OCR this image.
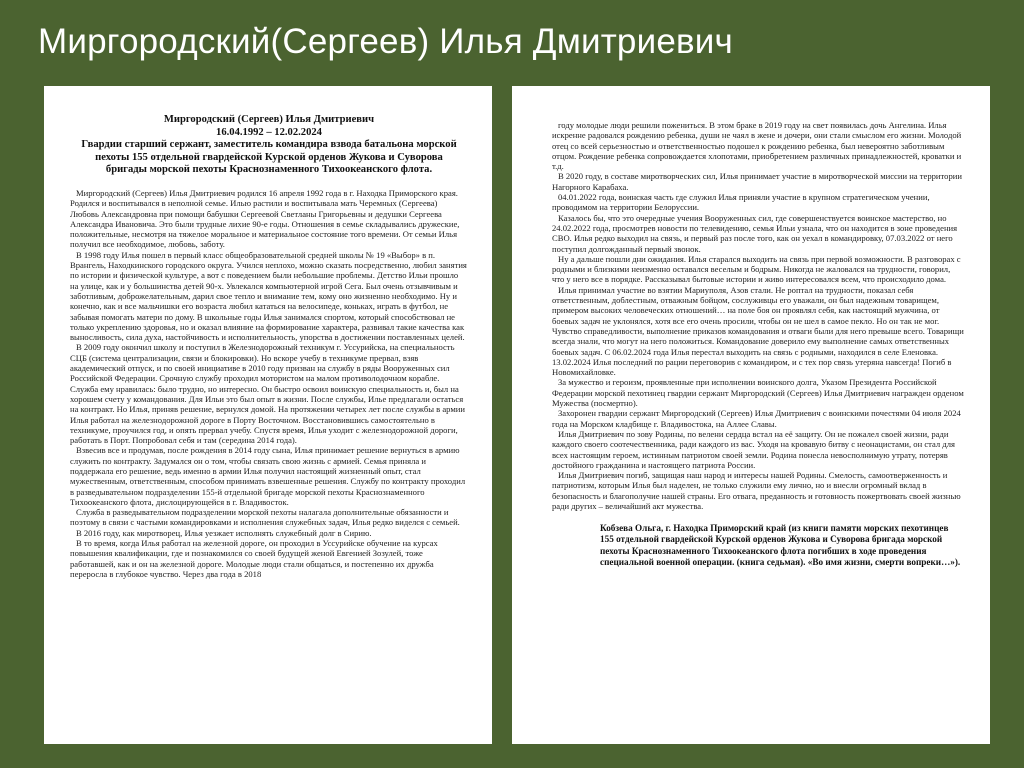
Миргородский(Сергеев) Илья Дмитриевич
Миргородский (Сергеев) Илья Дмитриевич
16.04.1992 – 12.02.2024
Гвардии старший сержант, заместитель командира взвода батальона морской пехоты 155 отдельной гвардейской Курской орденов Жукова и Суворова бригады морской пехоты Краснознаменного Тихоокеанского флота.

Миргородский (Сергеев) Илья Дмитриевич родился 16 апреля 1992 года в г. Находка Приморского края. Родился и воспитывался в неполной семье. Илью растили и воспитывала мать Черемных (Сергеева) Любовь Александровна при помощи бабушки Сергеевой Светланы Григорьевны и дедушки Сергеева Александра Ивановича. Это были трудные лихие 90-е годы. Отношения в семье складывались дружеские, положительные, несмотря на тяжелое моральное и материальное состояние того времени. От семьи Илья получил все необходимое, любовь, заботу.

В 1998 году Илья пошел в первый класс общеобразовательной средней школы № 19 «Выбор» в п. Врангель, Находкинского городского округа. Учился неплохо, можно сказать посредственно, любил занятия по истории и физической культуре, а вот с поведением были небольшие проблемы. Детство Ильи прошло на улице, как и у большинства детей 90-х. Увлекался компьютерной игрой Сега. Был очень отзывчивым и заботливым, доброжелательным, дарил свое тепло и внимание тем, кому оно жизненно необходимо. Ну и конечно, как и все мальчишки его возраста любил кататься на велосипеде, коньках, играть в футбол, не забывая помогать матери по дому. В школьные годы Илья занимался спортом, который способствовал не только укреплению здоровья, но и оказал влияние на формирование характера, развивал такие качества как выносливость, сила духа, настойчивость и исполнительность, упорства в достижении поставленных целей.

В 2009 году окончил школу и поступил в Железнодорожный техникум г. Уссурийска, на специальность СЦБ (система централизации, связи и блокировки). Но вскоре учебу в техникуме прервал, взяв академический отпуск, и по своей инициативе в 2010 году призван на службу в ряды Вооруженных сил Российской Федерации. Срочную службу проходил мотористом на малом противолодочном корабле. Служба ему нравилась: было трудно, но интересно. Он быстро освоил воинскую специальность и, был на хорошем счету у командования. Для Ильи это был опыт в жизни. После службы, Илье предлагали остаться на контракт. Но Илья, приняв решение, вернулся домой. На протяжении четырех лет после службы в армии Илья работал на железнодорожной дороге в Порту Восточном. Восстановившись самостоятельно в техникуме, проучился год, и опять прервал учебу. Спустя время, Илья уходит с железнодорожной дороги, работать в Порт. Попробовал себя и там (середина 2014 года).

Взвесив все и продумав, после рождения в 2014 году сына, Илья принимает решение вернуться в армию служить по контракту. Задумался он о том, чтобы связать свою жизнь с армией. Семья приняла и поддержала его решение, ведь именно в армии Илья получил настоящий жизненный опыт, стал мужественным, ответственным, способом принимать взвешенные решения. Службу по контракту проходил в разведывательном подразделении 155-й отдельной бригаде морской пехоты Краснознаменного Тихоокеанского флота, дислоцирующейся в г. Владивосток.

Служба в разведывательном подразделении морской пехоты налагала дополнительные обязанности и поэтому в связи с частыми командировками и исполнения служебных задач, Илья редко виделся с семьей.

В 2016 году, как миротворец, Илья уезжает исполнять служебный долг в Сирию.

В то время, когда Илья работал на железной дороге, он проходил в Уссурийске обучение на курсах повышения квалификации, где и познакомился со своей будущей женой Евгенией Зозулей, тоже работавшей, как и он на железной дороге. Молодые люди стали общаться, и постепенно их дружба переросла в глубокое чувство. Через два года в 2018

году молодые люди решили пожениться. В этом браке в 2019 году на свет появилась дочь Ангелина. Илья искренне радовался рождению ребенка, души не чаял в жене и дочери, они стали смыслом его жизни. Молодой отец со всей серьезностью и ответственностью подошел к рождению ребенка, был невероятно заботливым отцом. Рождение ребенка сопровождается хлопотами, приобретением различных принадлежностей, кроватки и т.д.

В 2020 году, в составе миротворческих сил, Илья принимает участие в миротворческой миссии на территории Нагорного Карабаха.

04.01.2022 года, воинская часть где служил Илья приняли участие в крупном стратегическом учении, проводимом на территории Белоруссии.

Казалось бы, что это очередные учения Вооруженных сил, где совершенствуется воинское мастерство, но 24.02.2022 года, просмотрев новости по телевидению, семья Ильи узнала, что он находится в зоне проведения СВО. Илья редко выходил на связь, и первый раз после того, как он уехал в командировку, 07.03.2022 от него поступил долгожданный первый звонок.

Ну а дальше пошли дни ожидания. Илья старался выходить на связь при первой возможности. В разговорах с родными и близкими неизменно оставался веселым и бодрым. Никогда не жаловался на трудности, говорил, что у него все в порядке. Рассказывал бытовые истории и живо интересовался всем, что происходило дома.

Илья принимал участие во взятии Мариуполя, Азов стали. Не роптал на трудности, показал себя ответственным, доблестным, отважным бойцом, сослуживцы его уважали, он был надежным товарищем, примером высоких человеческих отношений… на поле боя он проявлял себя, как настоящий мужчина, от боевых задач не уклонялся, хотя все его очень просили, чтобы он не шел в самое пекло. Но он так не мог. Чувство справедливости, выполнение приказов командования и отваги были для него превыше всего. Товарищи всегда знали, что могут на него положиться. Командование доверило ему выполнение самых ответственных боевых задач. С 06.02.2024 года Илья перестал выходить на связь с родными, находился в селе Еленовка. 13.02.2024 Илья последний по рации переговорив с командиром, и с тех пор связь утеряна навсегда! Погиб в Новомихайловке.

За мужество и героизм, проявленные при исполнении воинского долга, Указом Президента Российской Федерации морской пехотинец гвардии сержант Миргородский (Сергеев) Илья Дмитриевич награжден орденом Мужества (посмертно).

Захоронен гвардии сержант Миргородский (Сергеев) Илья Дмитриевич с воинскими почестями 04 июля 2024 года на Морском кладбище г. Владивостока, на Аллее Славы.

Илья Дмитриевич по зову Родины, по велени сердца встал на её защиту. Он не пожалел своей жизни, ради каждого своего соотечественника, ради каждого из вас. Уходя на кровавую битву с неонацистами, он стал для всех настоящим героем, истинным патриотом своей земли. Родина понесла невосполнимую утрату, потеряв достойного гражданина и настоящего патриота России.

Илья Дмитриевич погиб, защищая наш народ и интересы нашей Родины. Смелость, самоотверженность и патриотизм, которым Илья был наделен, не только служили ему лично, но и внесли огромный вклад в безопасность и благополучие нашей страны. Его отвага, преданность и готовность пожертвовать своей жизнью ради других – величайший акт мужества.

Кобзева Ольга, г. Находка Приморский край (из книги памяти морских пехотинцев 155 отдельной гвардейской Курской орденов Жукова и Суворова бригада морской пехоты Краснознаменного Тихоокеанского флота погибших в ходе проведения специальной военной операции. (книга седьмая). «Во имя жизни, смерти вопреки…»).
